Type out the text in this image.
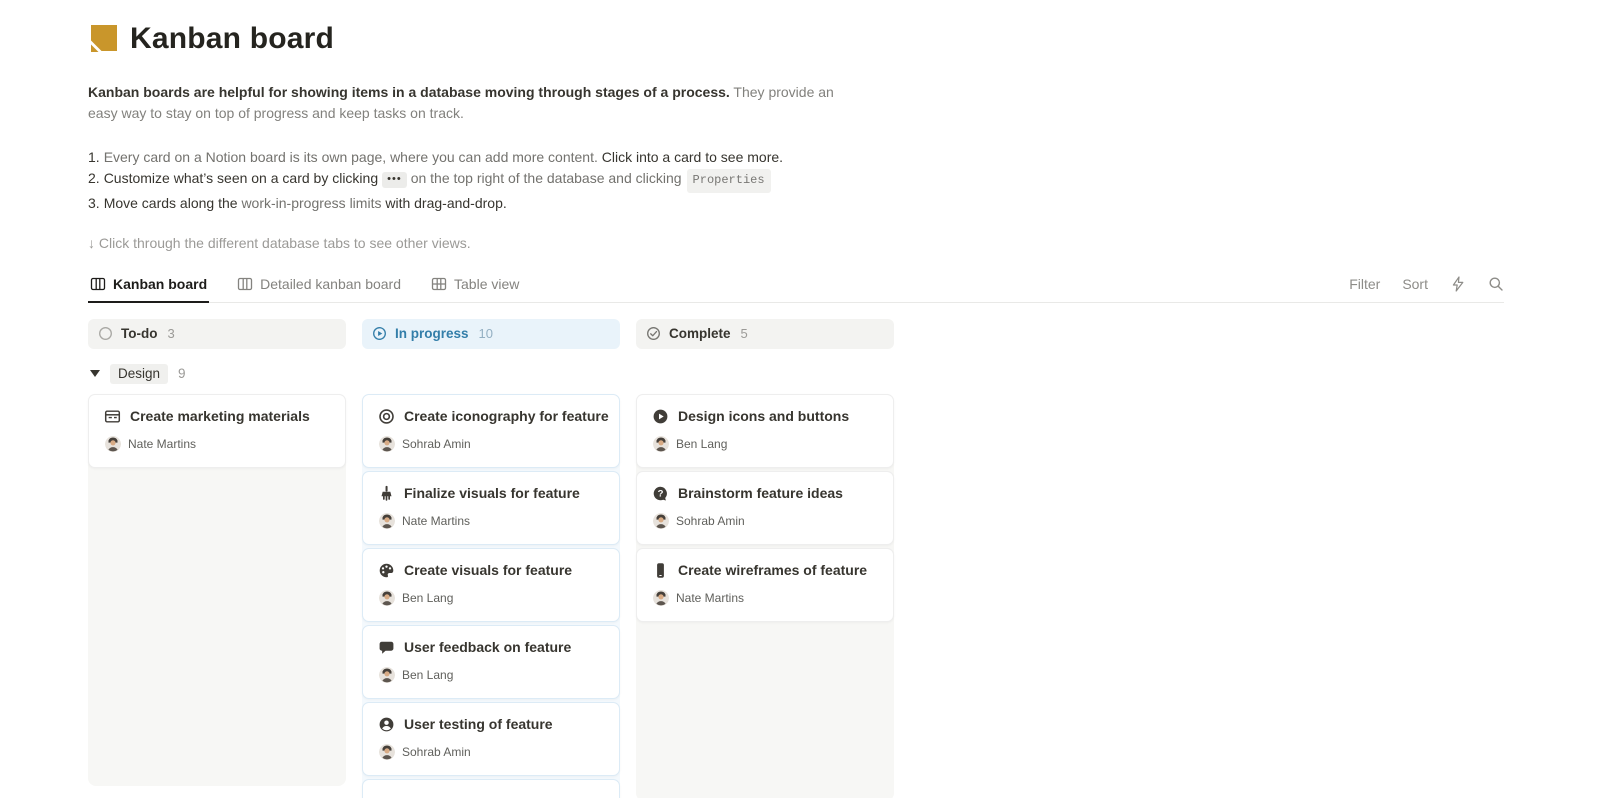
Kanban board

Kanban boards are helpful for showing items in a database moving through stages of a process. They provide an easy way to stay on top of progress and keep tasks on track.

1. Every card on a Notion board is its own page, where you can add more content. Click into a card to see more.
2. Customize what’s seen on a card by clicking ••• on the top right of the database and clicking Properties
3. Move cards along the work-in-progress limits with drag-and-drop.

↓ Click through the different database tabs to see other views.

Kanban board	Detailed kanban board	Table view	Filter Sort
To-do 3	In progress 10	Complete 5
Design	9
Create marketing materials
Nate Martins
Create iconography for feature
Sohrab Amin
Finalize visuals for feature
Nate Martins
Create visuals for feature
Ben Lang
User feedback on feature
Ben Lang
User testing of feature
Sohrab Amin
Design icons and buttons
Ben Lang
Brainstorm feature ideas
Sohrab Amin
Create wireframes of feature
Nate Martins
